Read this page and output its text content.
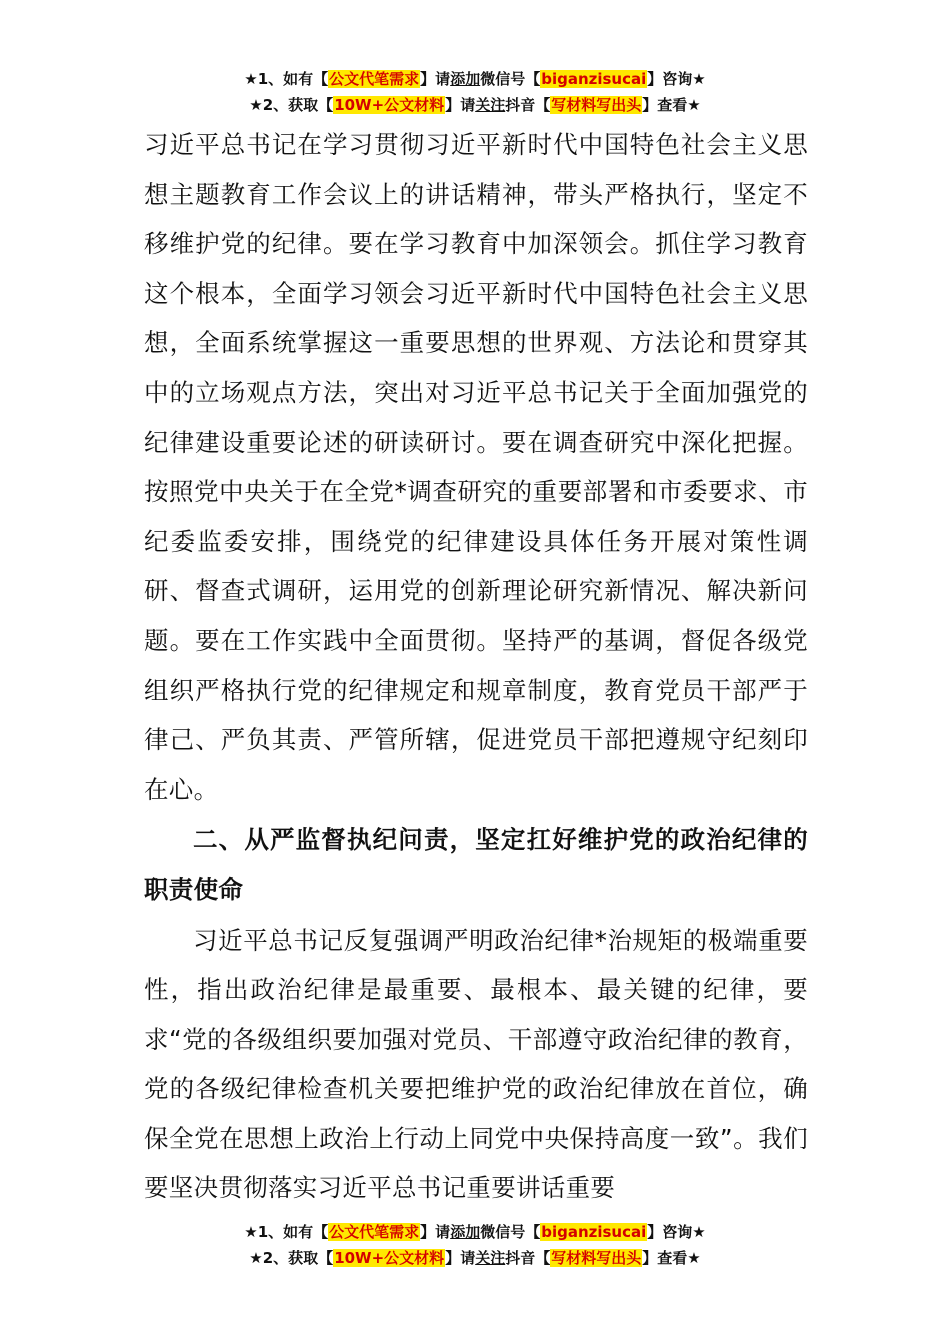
★1、如有【公文代笔需求】请添加微信号【biganzisucai】咨询★
★2、获取【10W+公文材料】请关注抖音【写材料写出头】查看★

习近平总书记在学习贯彻习近平新时代中国特色社会主义思想主题教育工作会议上的讲话精神，带头严格执行，坚定不移维护党的纪律。要在学习教育中加深领会。抓住学习教育这个根本，全面学习领会习近平新时代中国特色社会主义思想，全面系统掌握这一重要思想的世界观、方法论和贯穿其中的立场观点方法，突出对习近平总书记关于全面加强党的纪律建设重要论述的研读研讨。要在调查研究中深化把握。按照党中央关于在全党*调查研究的重要部署和市委要求、市纪委监委安排，围绕党的纪律建设具体任务开展对策性调研、督查式调研，运用党的创新理论研究新情况、解决新问题。要在工作实践中全面贯彻。坚持严的基调，督促各级党组织严格执行党的纪律规定和规章制度，教育党员干部严于律己、严负其责、严管所辖，促进党员干部把遵规守纪刻印在心。

二、从严监督执纪问责，坚定扛好维护党的政治纪律的职责使命

习近平总书记反复强调严明政治纪律*治规矩的极端重要性，指出政治纪律是最重要、最根本、最关键的纪律，要求“党的各级组织要加强对党员、干部遵守政治纪律的教育，党的各级纪律检查机关要把维护党的政治纪律放在首位，确保全党在思想上政治上行动上同党中央保持高度一致”。我们要坚决贯彻落实习近平总书记重要讲话重要

★1、如有【公文代笔需求】请添加微信号【biganzisucai】咨询★
★2、获取【10W+公文材料】请关注抖音【写材料写出头】查看★
